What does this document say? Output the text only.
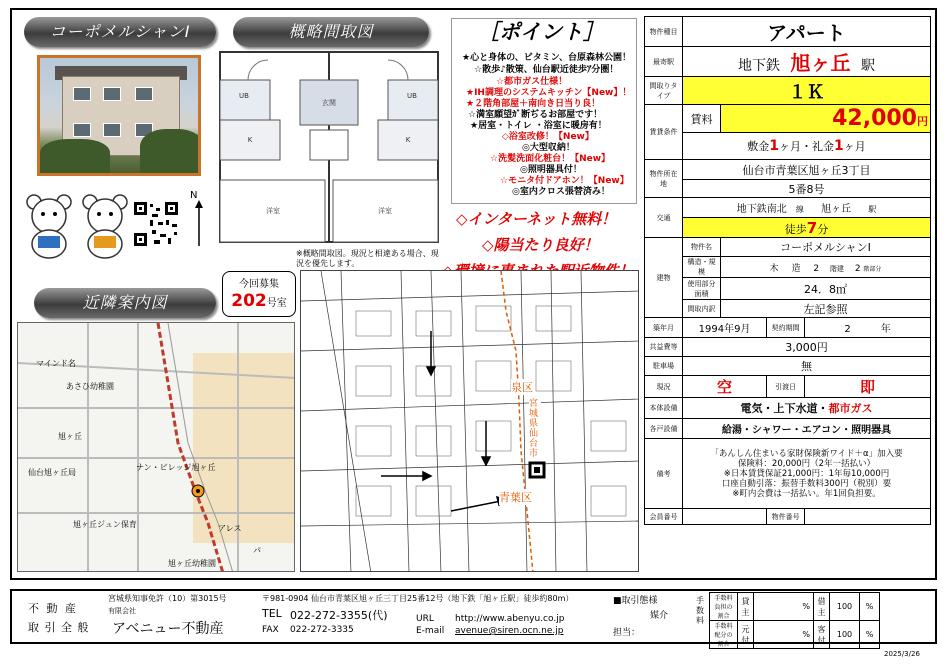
コーポメルシャンⅠ	概略間取図
近隣案内図
N
UB	UB
K	K
玄関
洋室	洋室
※概略間取図。現況と相違ある場合、現況を優先します。
今回募集
202号室
［ポイント］
★心と身体の、ビタミン、台原森林公園！
☆散歩♪散策、仙台駅近徒歩ｱ分圏！
☆都市ガス仕様！
★IH調理のシステムキッチン【New】！
★２階角部屋＋南向き日当り良！
☆満室願望ｶﾞ断ぢるお部屋です！
★居室・トイレ ・浴室に暖房有！
◇浴室改修！【New】
◎大型収納！
☆洗髪洗面化粧台！【New】
◎照明器具付！
☆モニタ付ドアホン！【New】
◎室内クロス張替済み！
◇インターネット無料！
◇陽当たり良好！
物件種目	アパート			
最寄駅	地下鉄 旭ヶ丘 駅			
間取りタイプ	１Ｋ			
賃貸条件	賃料	42,000円		
	敷金1ヶ月・礼金1ヶ月			
物件所在地	仙台市青葉区旭ヶ丘3丁目			
	5番8号			
交通	地下鉄南北 線 旭ヶ丘 駅			
	徒歩7分			
建物	物件名	コーポメルシャンⅠ		
	構造・規模	木 造 2 階建 2 階部分		
	使用部分面積	24．8㎡		
	間取内訳	左記参照		
築年月	1994年9月		契約期間	2 年
共益費等	3,000円			
駐車場	無			
現況	空		引渡日	即
本体設備	電気・上下水道・都市ガス			
各戸設備	給湯・シャワー・エアコン・照明器具			
備考	「あんしん住まいる家財保険新ワイド＋α」加入要
保険料：20,000円（2年一括払い）
※日本賃貸保証21,000円：1年毎10,000円
口座自動引落：振替手数料300円（税別）要
※町内会費は一括払い。年1回負担要。			

会員番号			物件番号	
マインド名
あさひ幼稚園
旭ヶ丘
仙台旭ヶ丘局
旭ヶ丘ジュン保育
ナン・ビレッジ旭ヶ丘
旭ヶ丘幼稚園
アレス
パ
泉区
青葉区
宮城県仙台市
不 動 産
取 引 全 般
宮城県知事免許（10）第3015号
有限会社
アベニュー不動産
〒981-0904 仙台市青葉区旭ヶ丘三丁目25番12号（地下鉄「旭ヶ丘駅」徒歩約80m）
TEL 022-272-3355(代)
FAX 022-272-3335
URL http://www.abenyu.co.jp
E-mail avenue@siren.ocn.ne.jp
■取引態様
媒介
担当：
手数料
手数料負担の割合	貸主	%	借主	100	%
手数料配分の割合	元付	%	客付	100	%
2025/3/26
